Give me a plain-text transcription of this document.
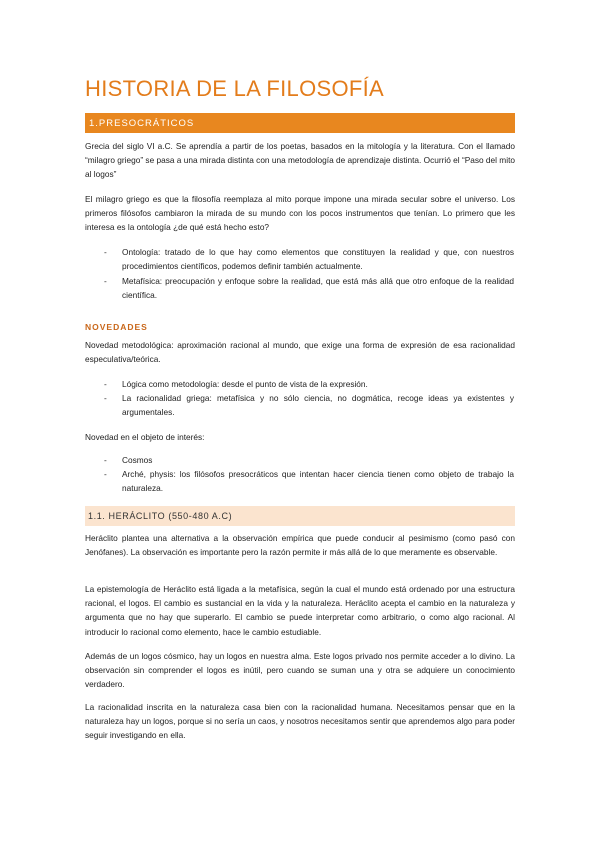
HISTORIA DE LA FILOSOFÍA
1.PRESOCRÁTICOS

Grecia del siglo VI a.C. Se aprendía a partir de los poetas, basados en la mitología y la literatura. Con el llamado “milagro griego” se pasa a una mirada distinta con una metodología de aprendizaje distinta. Ocurrió el “Paso del mito al logos”

El milagro griego es que la filosofía reemplaza al mito porque impone una mirada secular sobre el universo. Los primeros filósofos cambiaron la mirada de su mundo con los pocos instrumentos que tenían. Lo primero que les interesa es la ontología ¿de qué está hecho esto?

- Ontología: tratado de lo que hay como elementos que constituyen la realidad y que, con nuestros procedimientos científicos, podemos definir también actualmente.

- Metafísica: preocupación y enfoque sobre la realidad, que está más allá que otro enfoque de la realidad científica.

NOVEDADES

Novedad metodológica: aproximación racional al mundo, que exige una forma de expresión de esa racionalidad especulativa/teórica.

- Lógica como metodología: desde el punto de vista de la expresión.

- La racionalidad griega: metafísica y no sólo ciencia, no dogmática, recoge ideas ya existentes y argumentales.

Novedad en el objeto de interés:

- Cosmos

- Arché, physis: los filósofos presocráticos que intentan hacer ciencia tienen como objeto de trabajo la naturaleza.

1.1. HERÁCLITO (550-480 A.C)

Heráclito plantea una alternativa a la observación empírica que puede conducir al pesimismo (como pasó con Jenófanes). La observación es importante pero la razón permite ir más allá de lo que meramente es observable.

La epistemología de Heráclito está ligada a la metafísica, según la cual el mundo está ordenado por una estructura racional, el logos. El cambio es sustancial en la vida y la naturaleza. Heráclito acepta el cambio en la naturaleza y argumenta que no hay que superarlo. El cambio se puede interpretar como arbitrario, o como algo racional. Al introducir lo racional como elemento, hace le cambio estudiable.

Además de un logos cósmico, hay un logos en nuestra alma. Este logos privado nos permite acceder a lo divino. La observación sin comprender el logos es inútil, pero cuando se suman una y otra se adquiere un conocimiento verdadero.

La racionalidad inscrita en la naturaleza casa bien con la racionalidad humana. Necesitamos pensar que en la naturaleza hay un logos, porque si no sería un caos, y nosotros necesitamos sentir que aprendemos algo para poder seguir investigando en ella.
